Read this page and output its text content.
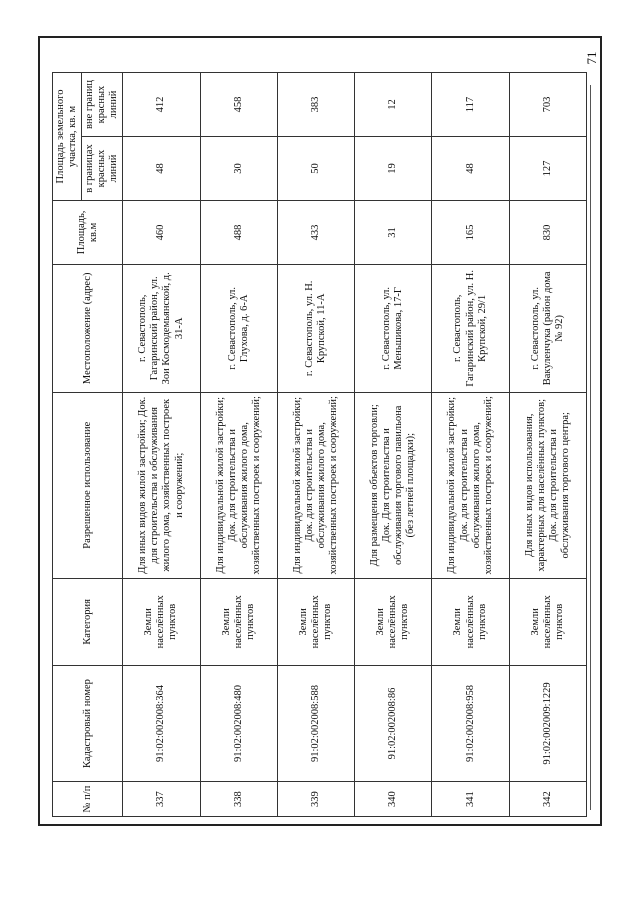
71
№ п/п	Кадастровый номер	Категория	Разрешенное использование	Местоположение (адрес)	Площадь, кв.м	Площадь земельного участка, кв. м	
						в границах красных линий	вне границ красных линий
337	91:02:002008:364	Земли населённых пунктов	Для иных видов жилой застройки; Док. для строительства и обслуживания жилого дома, хозяйственных построек и сооружений;	г. Севастополь, Гагаринский район, ул. Зои Космодемьянской, д. 31-А	460	48	412
338	91:02:002008:480	Земли населённых пунктов	Для индивидуальной жилой застройки; Док. для строительства и обслуживания жилого дома, хозяйственных построек и сооружений;	г. Севастополь, ул. Глухова, д. 6-А	488	30	458
339	91:02:002008:588	Земли населённых пунктов	Для индивидуальной жилой застройки; Док. для строительства и обслуживания жилого дома, хозяйственных построек и сооружений;	г. Севастополь, ул. Н. Крупской, 11-А	433	50	383
340	91:02:002008:86	Земли населённых пунктов	Для размещения объектов торговли; Док. Для строительства и обслуживания торгового павильона (без летней площадки);	г. Севастополь, ул. Меньшикова, 17-Г	31	19	12
341	91:02:002008:958	Земли населённых пунктов	Для индивидуальной жилой застройки; Док. для строительства и обслуживания жилого дома, хозяйственных построек и сооружений;	г. Севастополь, Гагаринский район, ул. Н. Крупской, 29/1	165	48	117
342	91:02:002009:1229	Земли населённых пунктов	Для иных видов использования, характерных для населённых пунктов; Док. для строительства и обслуживания торгового центра;	г. Севастополь, ул. Вакуленчука (район дома № 92)	830	127	703
